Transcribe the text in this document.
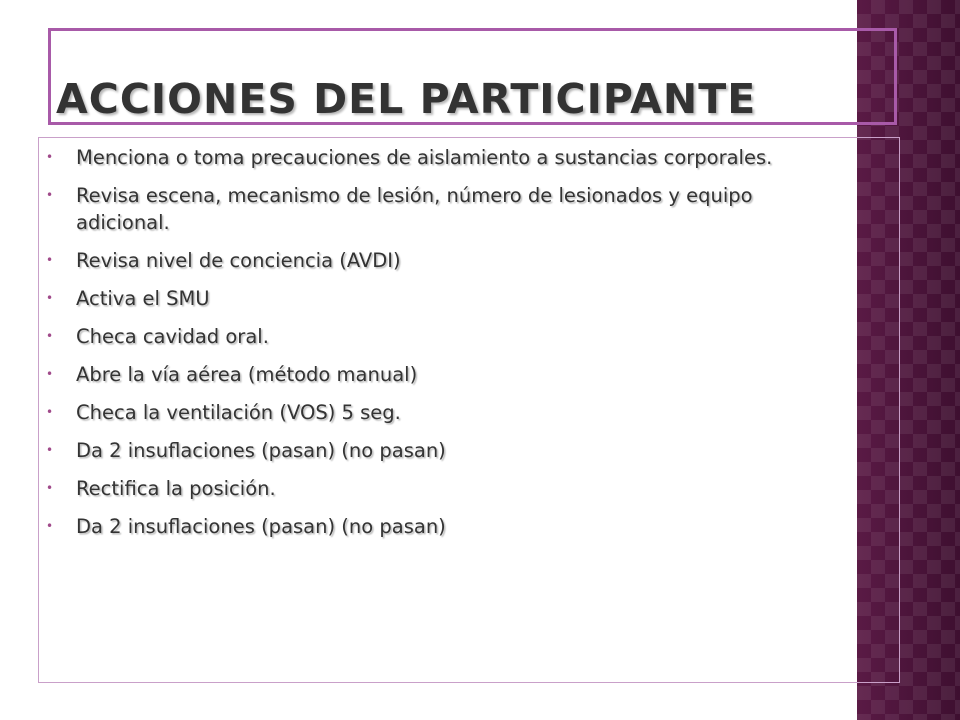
ACCIONES DEL PARTICIPANTE
• Menciona o toma precauciones de aislamiento a sustancias corporales.
• Revisa escena, mecanismo de lesión, número de lesionados y equipo adicional.
• Revisa nivel de conciencia (AVDI)
• Activa el SMU
• Checa cavidad oral.
• Abre la vía aérea (método manual)
• Checa la ventilación (VOS) 5 seg.
• Da 2 insuflaciones (pasan) (no pasan)
• Rectifica la posición.
• Da 2 insuflaciones (pasan) (no pasan)
